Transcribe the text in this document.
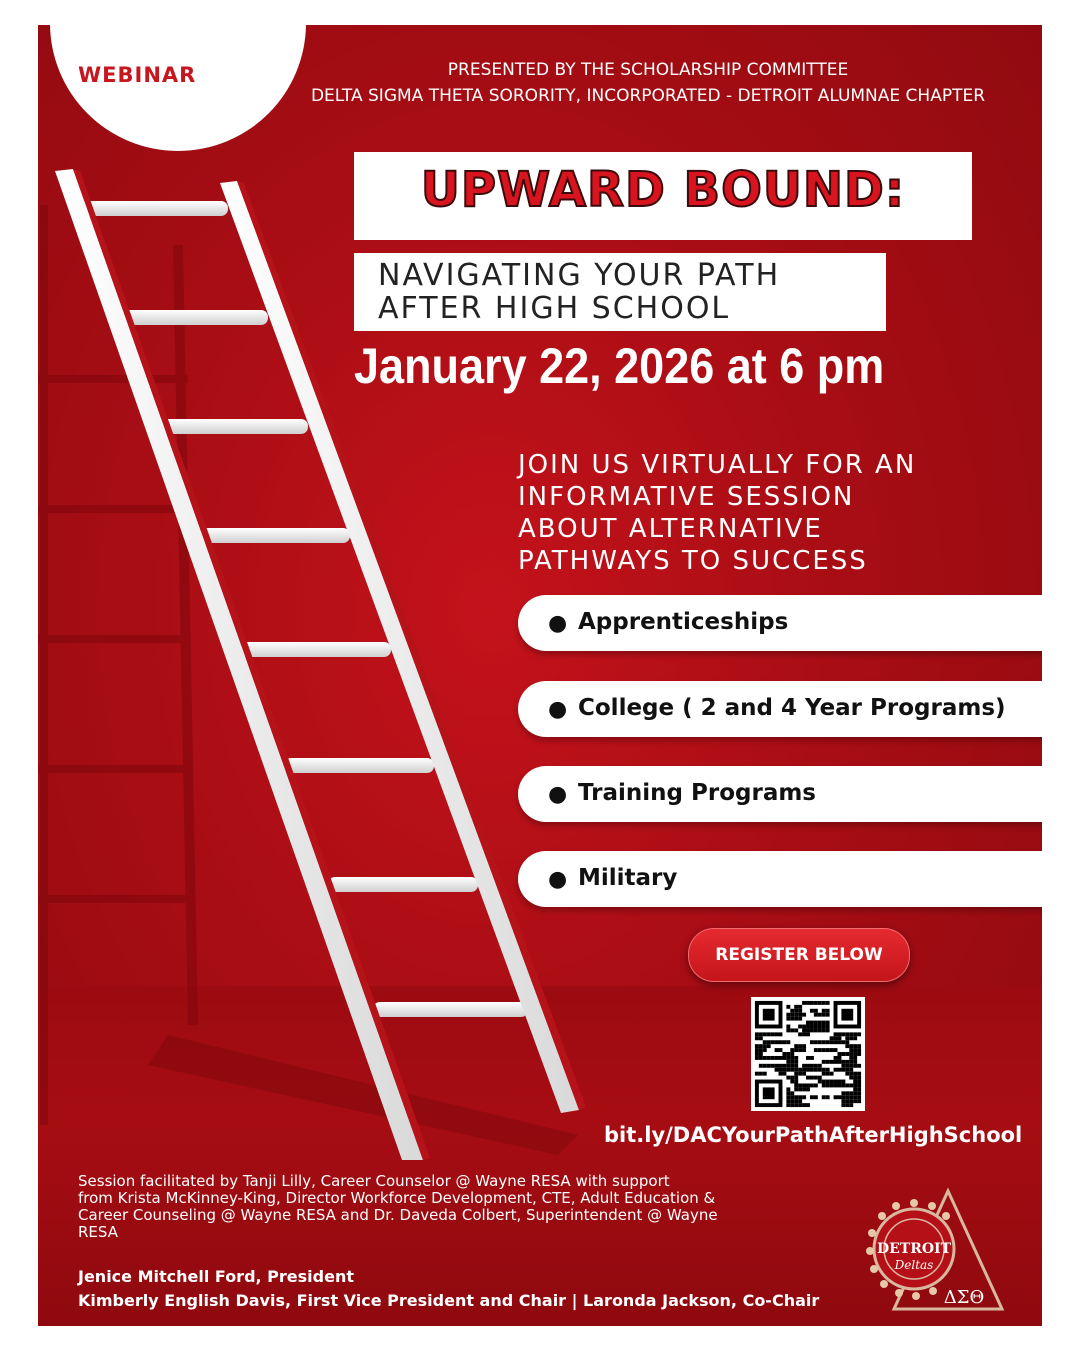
WEBINAR	PRESENTED BY THE SCHOLARSHIP COMMITTEE
DELTA SIGMA THETA SORORITY, INCORPORATED - DETROIT ALUMNAE CHAPTER
UPWARD BOUND:
NAVIGATING YOUR PATH
AFTER HIGH SCHOOL
January 22, 2026 at 6 pm
JOIN US VIRTUALLY FOR AN
INFORMATIVE SESSION
ABOUT ALTERNATIVE
PATHWAYS TO SUCCESS
● Apprenticeships
● College ( 2 and 4 Year Programs)
● Training Programs
● Military
REGISTER BELOW
bit.ly/DACYourPathAfterHighSchool
Session facilitated by Tanji Lilly, Career Counselor @ Wayne RESA with support
from Krista McKinney-King, Director Workforce Development, CTE, Adult Education &
Career Counseling @ Wayne RESA and Dr. Daveda Colbert, Superintendent @ Wayne
RESA
Jenice Mitchell Ford, President
Kimberly English Davis, First Vice President and Chair | Laronda Jackson, Co-Chair
DETROIT
Deltas
ΔΣΘ
